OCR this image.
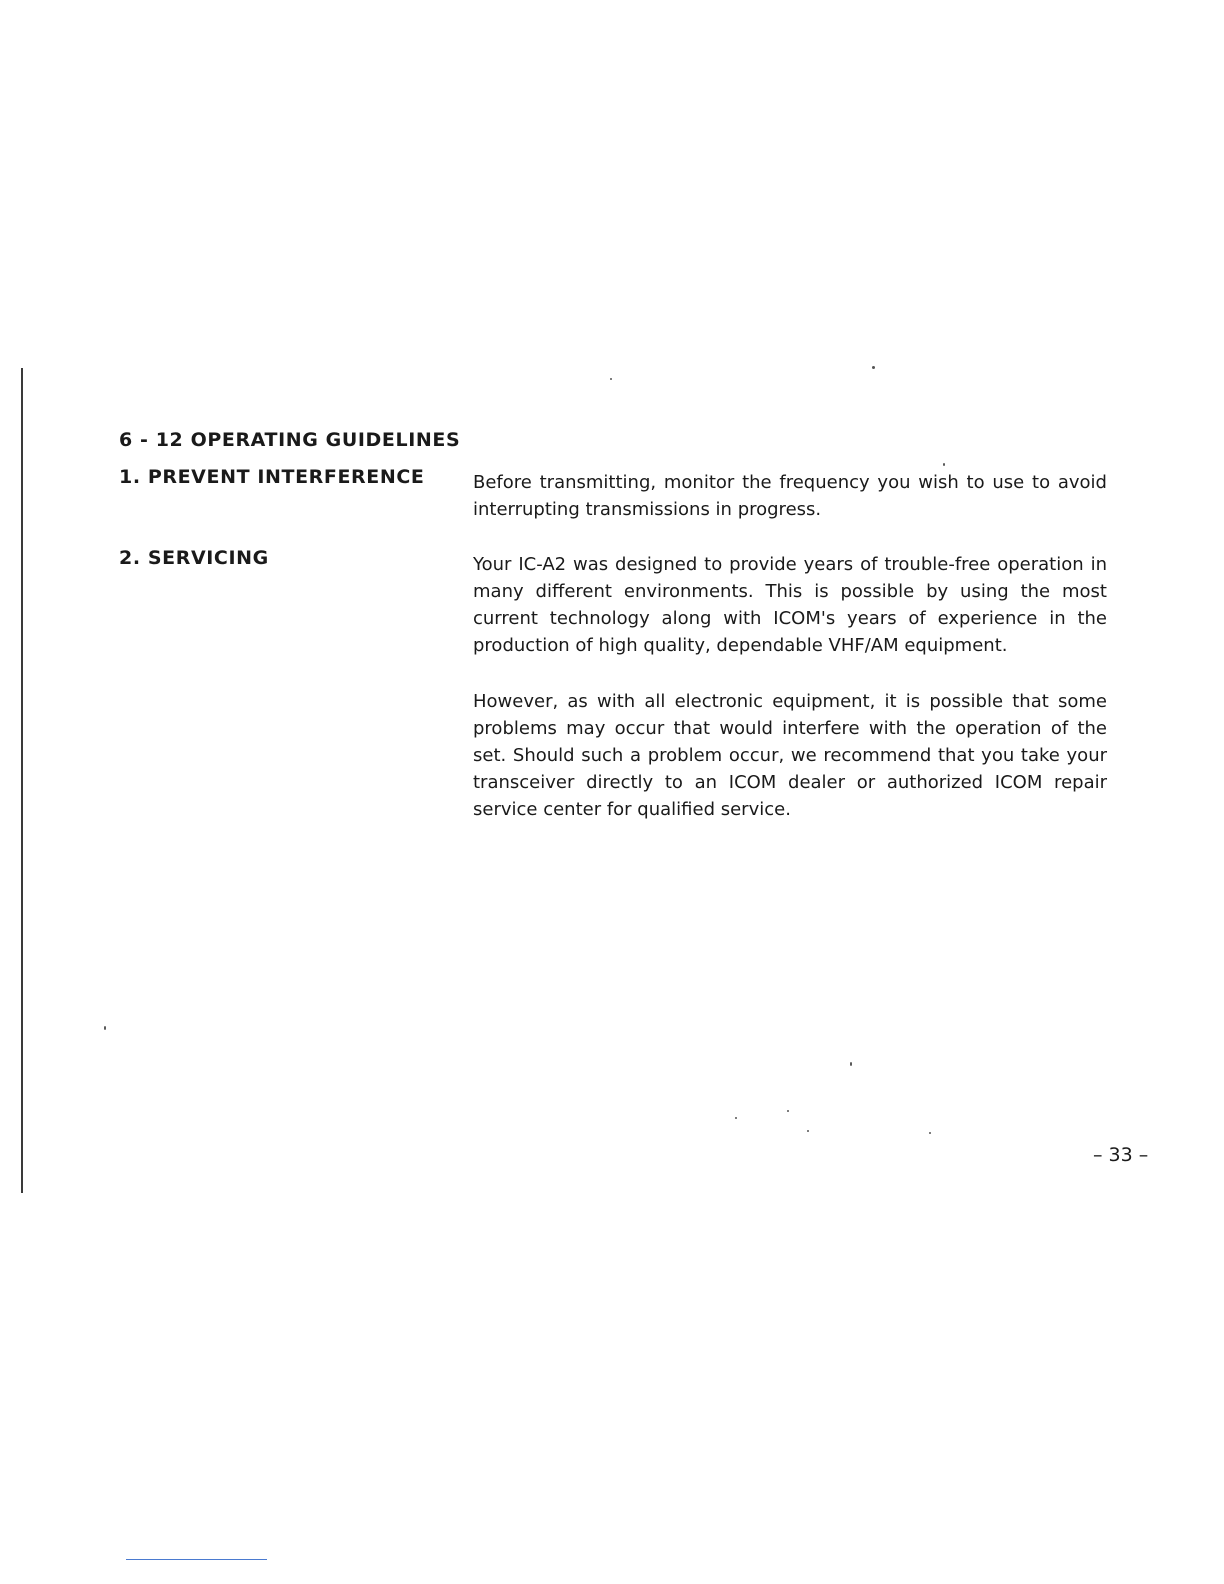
6 - 12 OPERATING GUIDELINES
1. PREVENT INTERFERENCE	Before transmitting, monitor the frequency you wish to use to avoid interrupting transmissions in progress.

2. SERVICING	Your IC-A2 was designed to provide years of trouble-free operation in many different environments. This is possible by using the most current technology along with ICOM's years of experience in the production of high quality, dependable VHF/AM equipment.

However, as with all electronic equipment, it is possible that some problems may occur that would interfere with the operation of the set. Should such a problem occur, we recommend that you take your transceiver directly to an ICOM dealer or authorized ICOM repair service center for qualified service.

– 33 –
